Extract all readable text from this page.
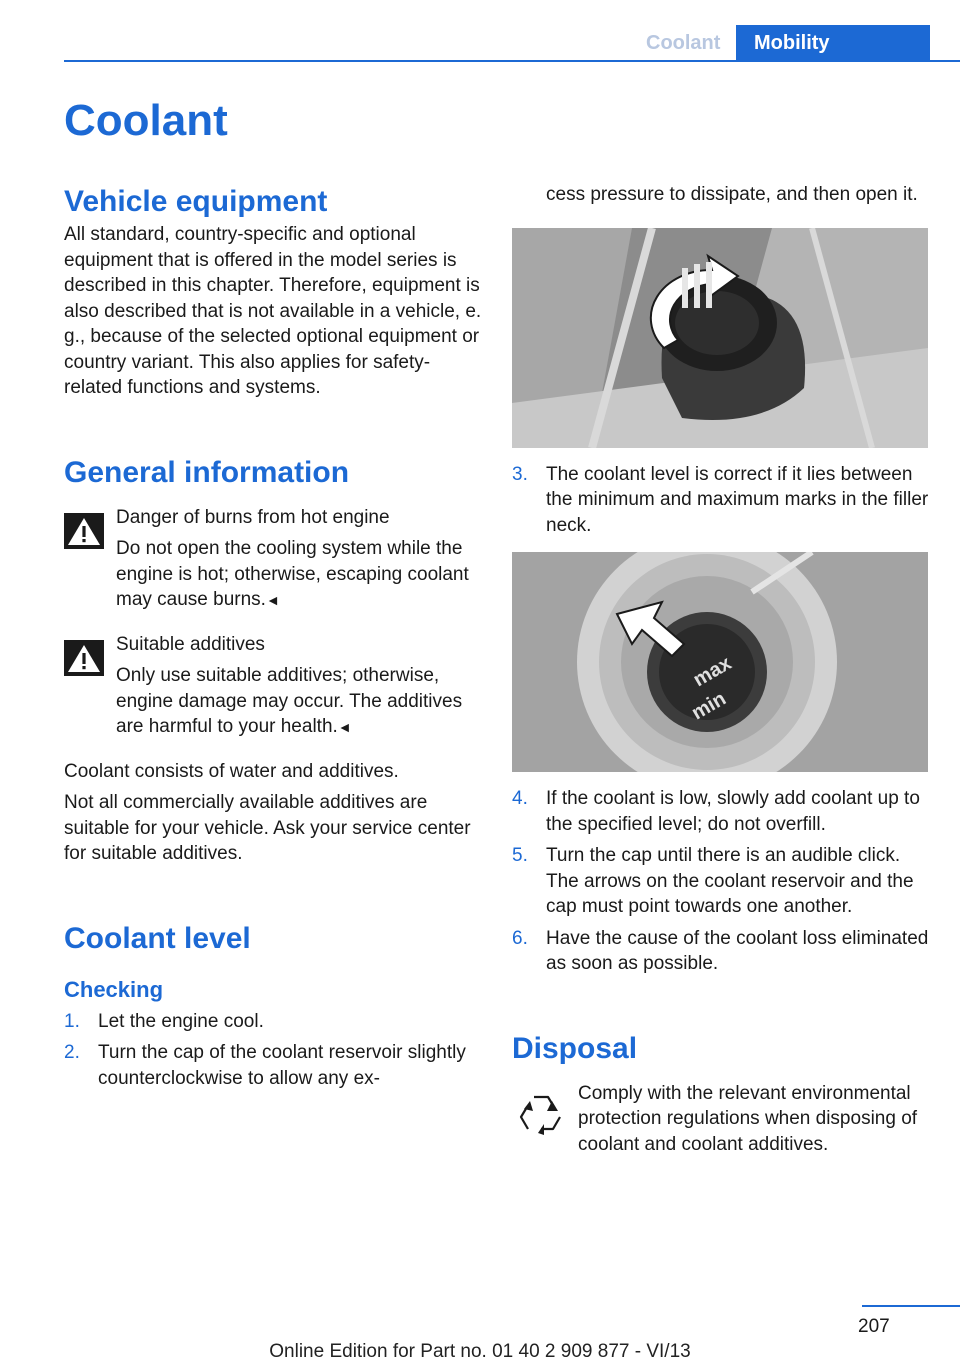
Coolant	Mobility
Coolant
Vehicle equipment

All standard, country-specific and optional equipment that is offered in the model series is described in this chapter. Therefore, equipment is also described that is not available in a vehicle, e. g., because of the selected optional equipment or country variant. This also applies for safety-related functions and systems.

General information

Danger of burns from hot engine

Do not open the cooling system while the engine is hot; otherwise, escaping coolant may cause burns.◄

Suitable additives

Only use suitable additives; otherwise, engine damage may occur. The additives are harmful to your health.◄

Coolant consists of water and additives.

Not all commercially available additives are suitable for your vehicle. Ask your service center for suitable additives.

Coolant level
Checking
1. Let the engine cool.
2. Turn the cap of the coolant reservoir slightly counterclockwise to allow any ex-

cess pressure to dissipate, and then open it.

3. The coolant level is correct if it lies between the minimum and maximum marks in the filler neck.
max
min
4. If the coolant is low, slowly add coolant up to the specified level; do not overfill.
5. Turn the cap until there is an audible click. The arrows on the coolant reservoir and the cap must point towards one another.
6. Have the cause of the coolant loss eliminated as soon as possible.
Disposal

Comply with the relevant environmental protection regulations when disposing of coolant and coolant additives.

207
Online Edition for Part no. 01 40 2 909 877 - VI/13
